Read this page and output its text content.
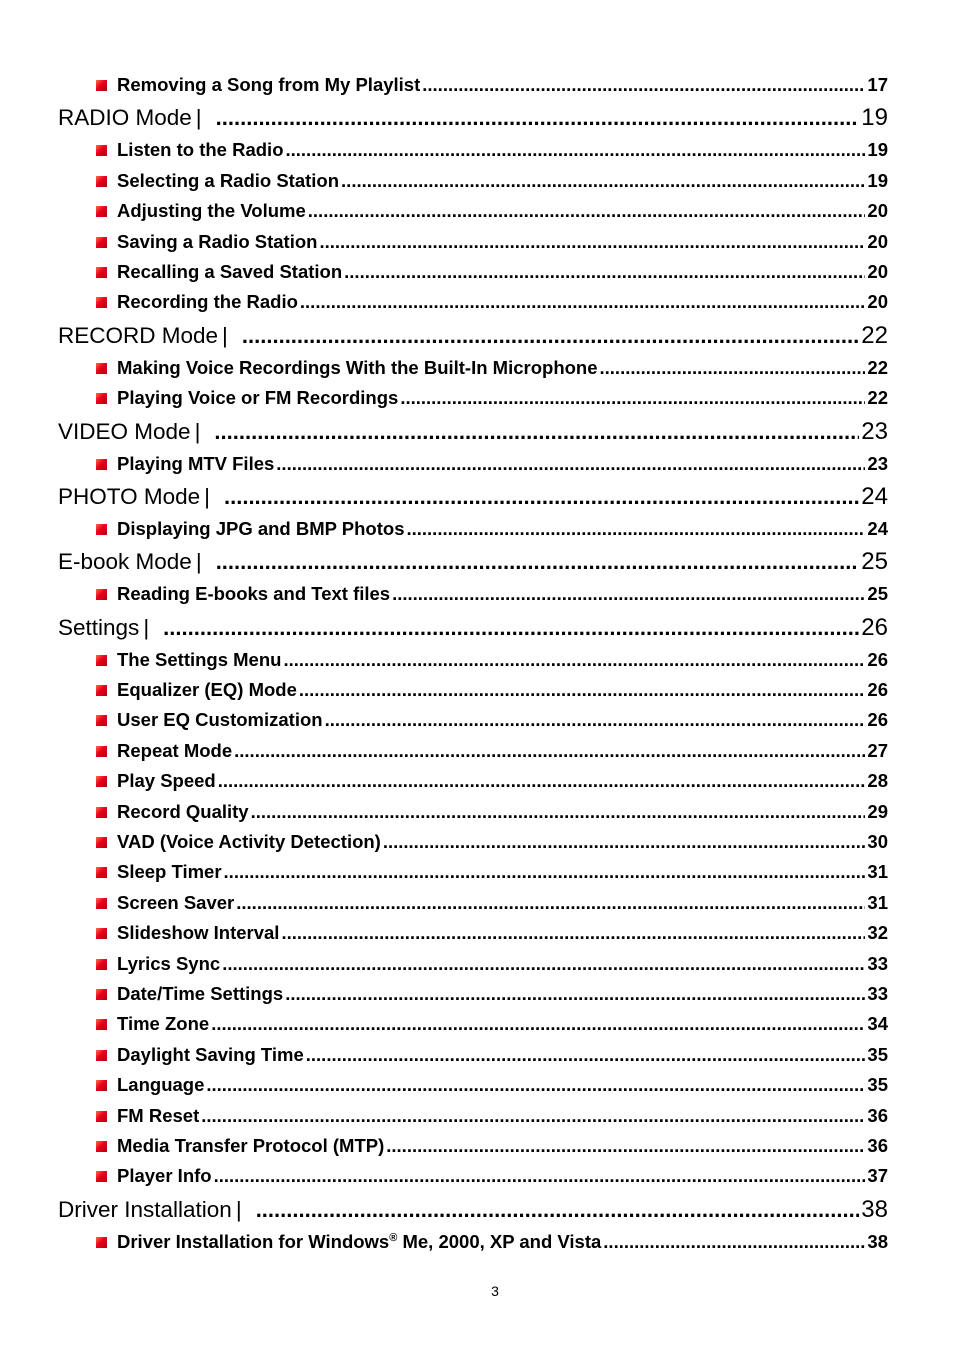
Removing a Song from My Playlist .....	17
RADIO Mode | .....	19
Listen to the Radio .....	19
Selecting a Radio Station .....	19
Adjusting the Volume .....	20
Saving a Radio Station .....	20
Recalling a Saved Station .....	20
Recording the Radio .....	20
RECORD Mode | .....	22
Making Voice Recordings With the Built-In Microphone .....	22
Playing Voice or FM Recordings .....	22
VIDEO Mode | .....	23
Playing MTV Files .....	23
PHOTO Mode | .....	24
Displaying JPG and BMP Photos .....	24
E-book Mode | .....	25
Reading E-books and Text files .....	25
Settings | .....	26
The Settings Menu .....	26
Equalizer (EQ) Mode .....	26
User EQ Customization .....	26
Repeat Mode .....	27
Play Speed .....	28
Record Quality .....	29
VAD (Voice Activity Detection) .....	30
Sleep Timer .....	31
Screen Saver .....	31
Slideshow Interval .....	32
Lyrics Sync .....	33
Date/Time Settings .....	33
Time Zone .....	34
Daylight Saving Time .....	35
Language .....	35
FM Reset .....	36
Media Transfer Protocol (MTP) .....	36
Player Info .....	37
Driver Installation | .....	38
Driver Installation for Windows® Me, 2000, XP and Vista .....	38
3
